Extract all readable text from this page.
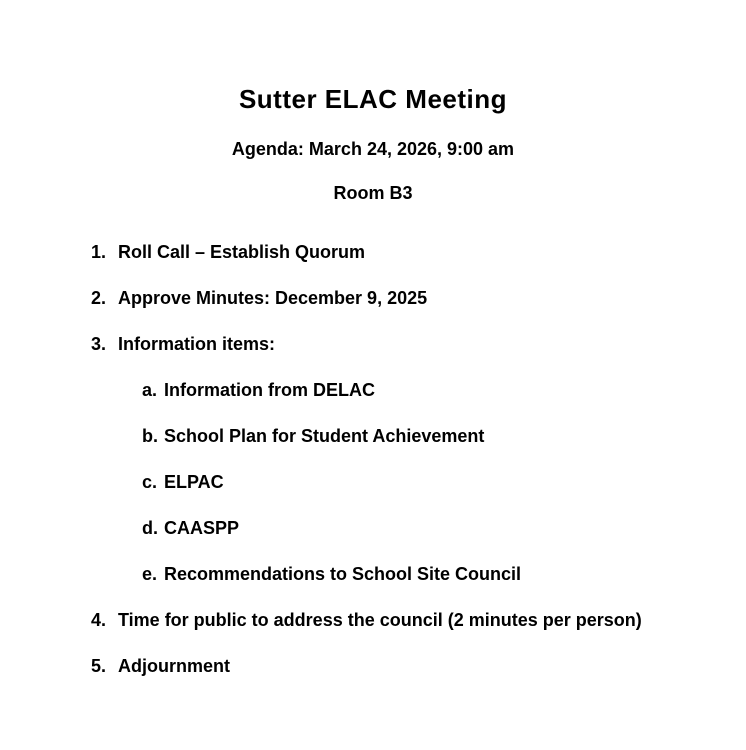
Sutter ELAC Meeting
Agenda: March 24, 2026, 9:00 am
Room B3
1. Roll Call – Establish Quorum
2. Approve Minutes: December 9, 2025
3. Information items:
a. Information from DELAC
b. School Plan for Student Achievement
c. ELPAC
d. CAASPP
e. Recommendations to School Site Council
4. Time for public to address the council (2 minutes per person)
5. Adjournment
